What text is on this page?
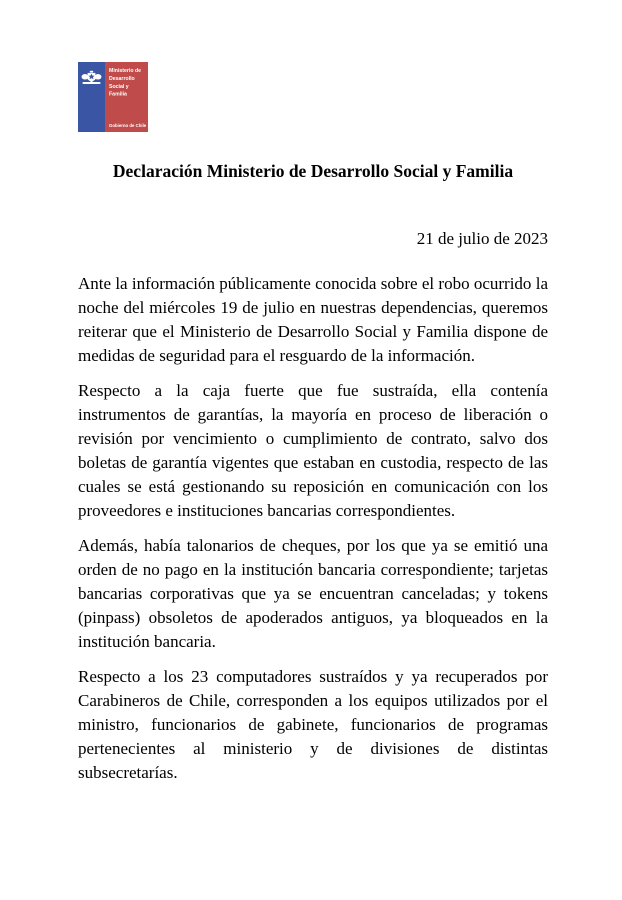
Ministerio de
Desarrollo
Social y
Familia
Gobierno de Chile
Declaración Ministerio de Desarrollo Social y Familia
21 de julio de 2023

Ante la información públicamente conocida sobre el robo ocurrido la noche del miércoles 19 de julio en nuestras dependencias, queremos reiterar que el Ministerio de Desarrollo Social y Familia dispone de medidas de seguridad para el resguardo de la información.

Respecto a la caja fuerte que fue sustraída, ella contenía instrumentos de garantías, la mayoría en proceso de liberación o revisión por vencimiento o cumplimiento de contrato, salvo dos boletas de garantía vigentes que estaban en custodia, respecto de las cuales se está gestionando su reposición en comunicación con los proveedores e instituciones bancarias correspondientes.

Además, había talonarios de cheques, por los que ya se emitió una orden de no pago en la institución bancaria correspondiente; tarjetas bancarias corporativas que ya se encuentran canceladas; y tokens (pinpass) obsoletos de apoderados antiguos, ya bloqueados en la institución bancaria.

Respecto a los 23 computadores sustraídos y ya recuperados por Carabineros de Chile, corresponden a los equipos utilizados por el ministro, funcionarios de gabinete, funcionarios de programas pertenecientes al ministerio y de divisiones de distintas subsecretarías.
